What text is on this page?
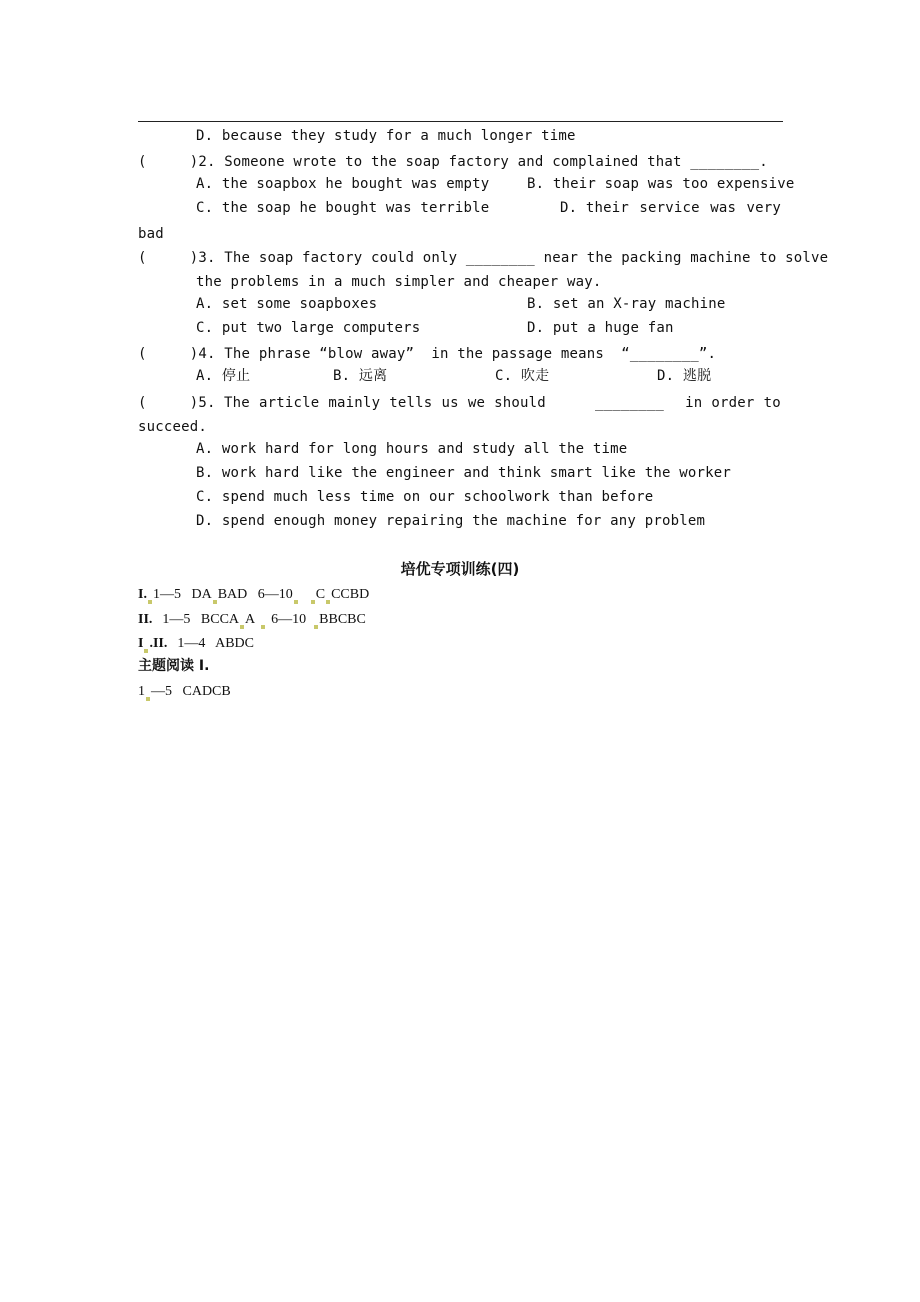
D. because they study for a much longer time
(     )2. Someone wrote to the soap factory and complained that ________.
A. the soapbox he bought was empty	B. their soap was too expensive
C. the soap he bought was terrible	D. their service was very
bad
(     )3. The soap factory could only ________ near the packing machine to solve
the problems in a much simpler and cheaper way.
A. set some soapboxes	B. set an X-ray machine
C. put two large computers	D. put a huge fan
(     )4. The phrase “blow away”  in the passage means  “________”.
A. 停止	B. 远离	C. 吹走	D. 逃脱
(     )5. The article mainly tells us we should	________ in order to
succeed.
A. work hard for long hours and study all the time
B. work hard like the engineer and think smart like the worker
C. spend much less time on our schoolwork than before
D. spend enough money repairing the machine for any problem
培优专项训练(四)
I. 1—5   DA BAD   6—10 C CCBD
II. 1—5   BCCA A 6—10  BBCBC
I .II. 1—4   ABDC
主题阅读 I.
1 —5   CADCB
